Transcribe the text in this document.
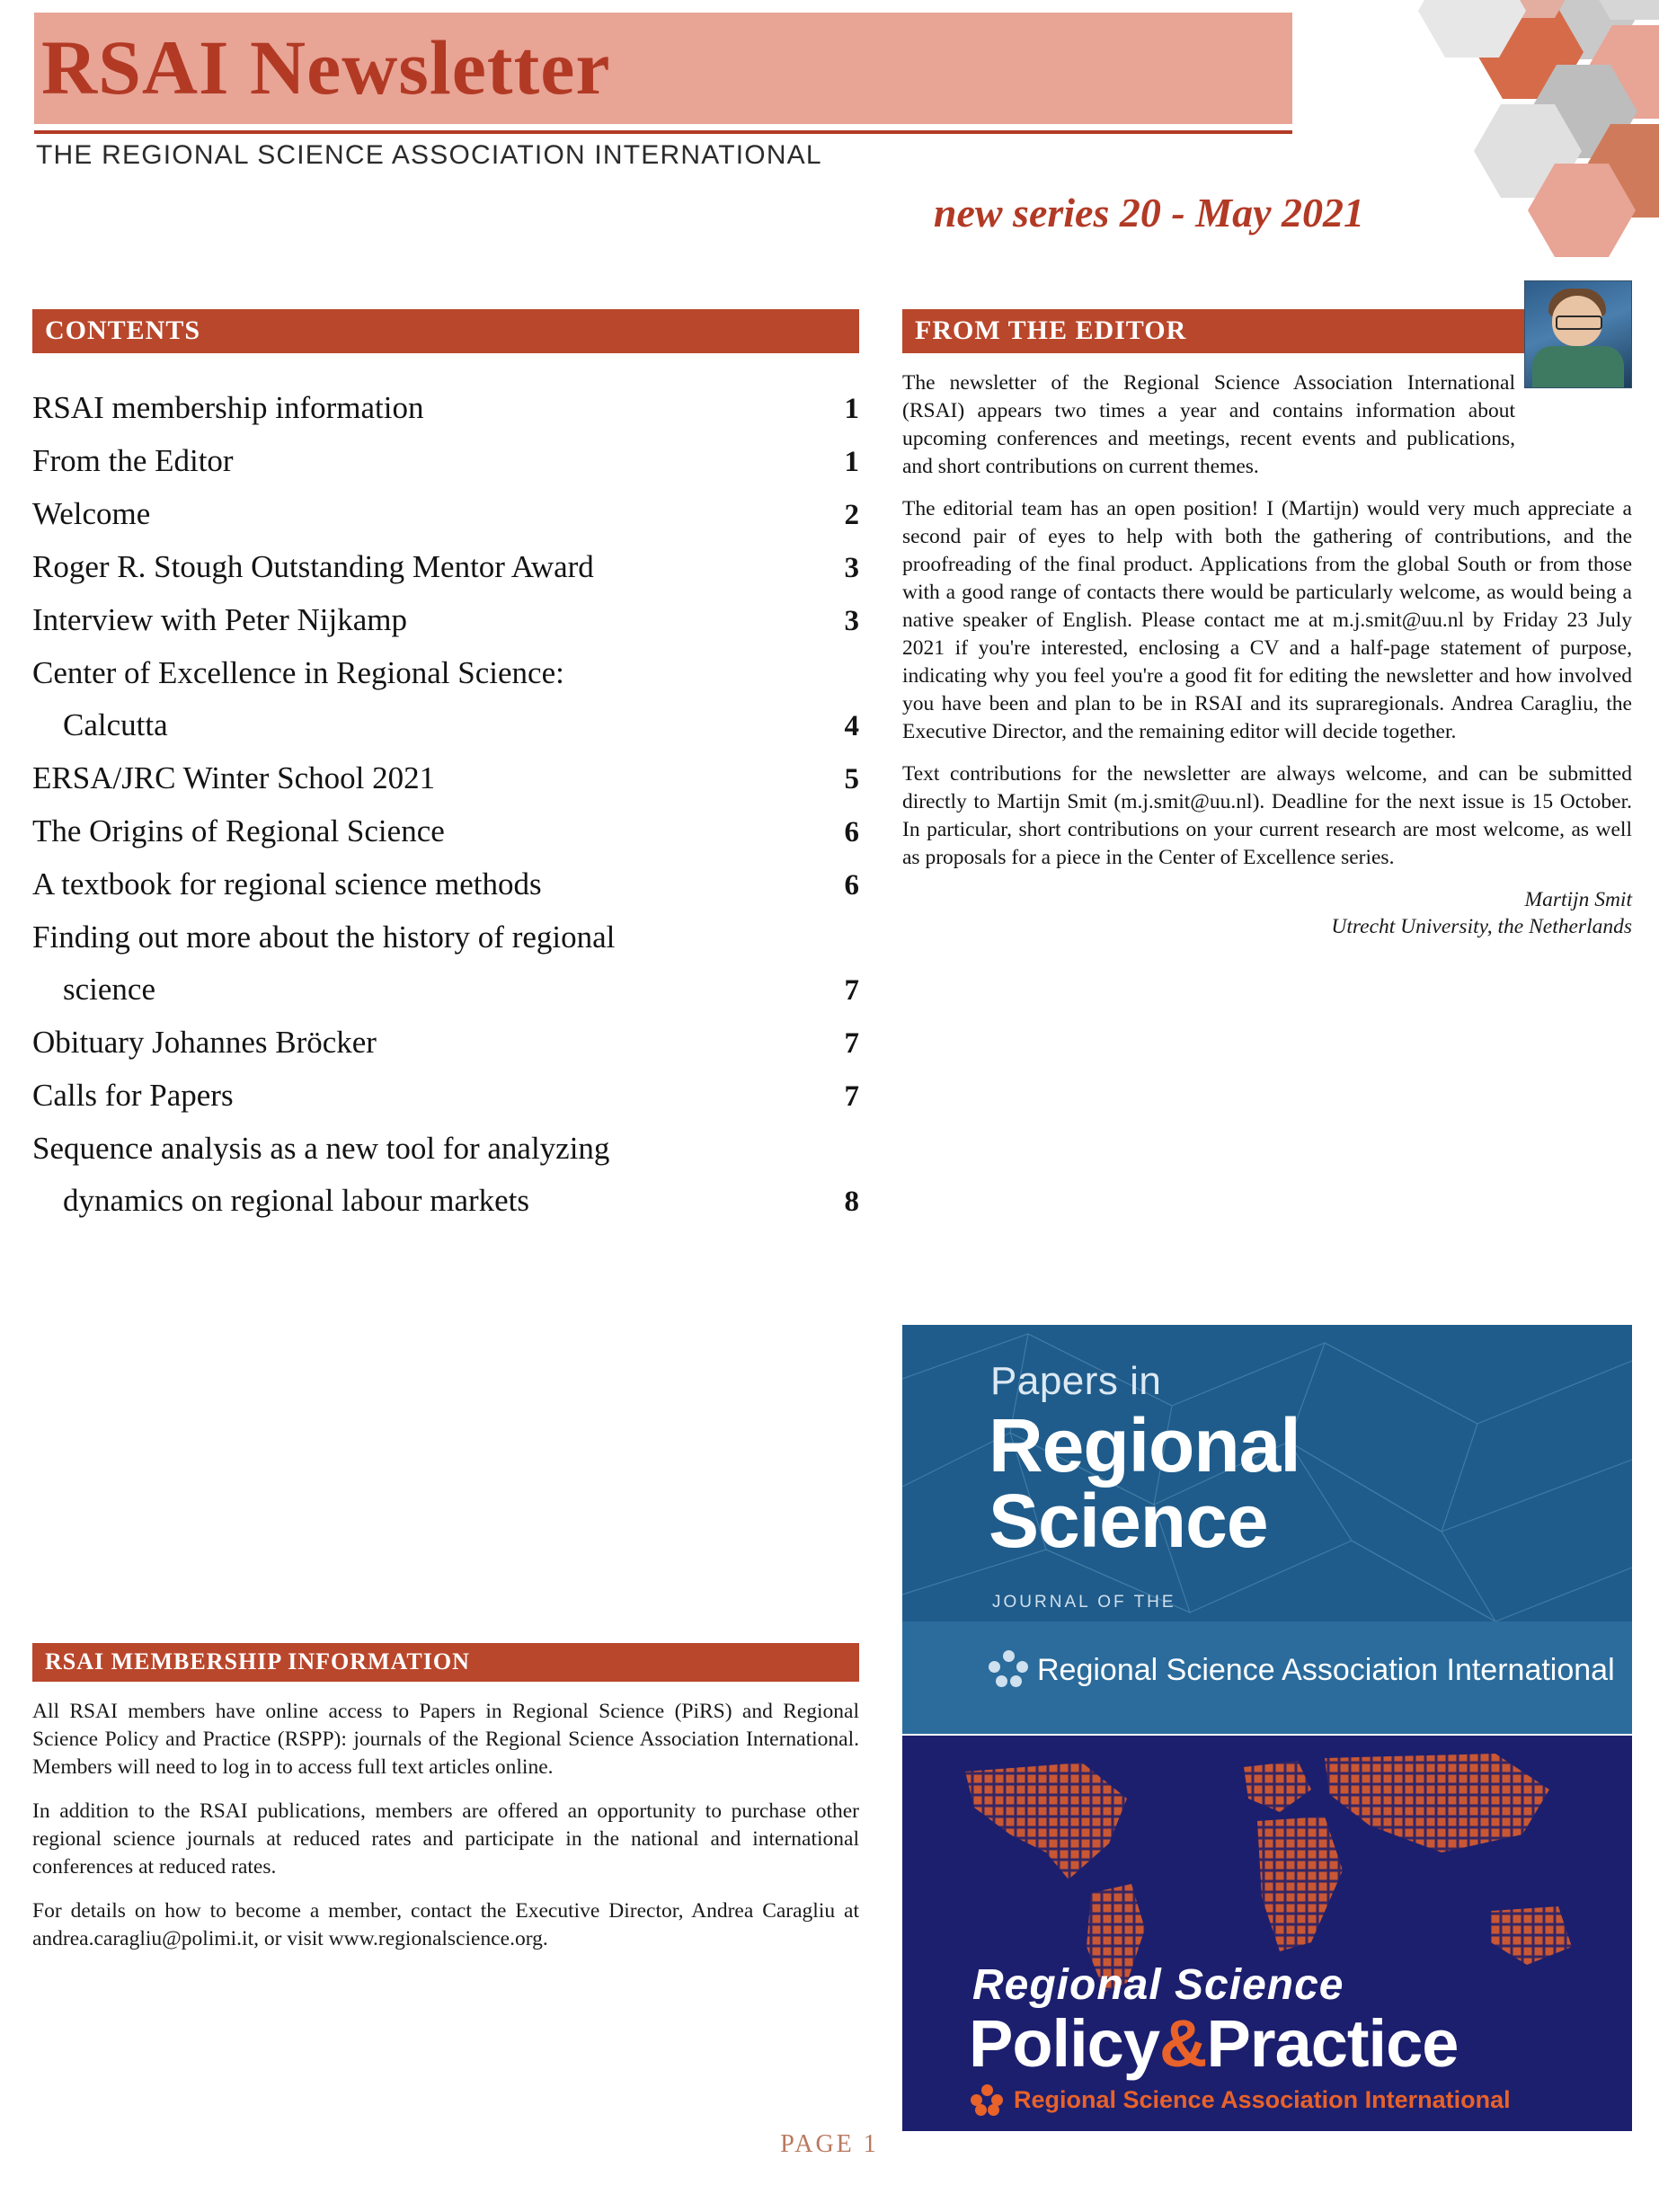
RSAI Newsletter
THE REGIONAL SCIENCE ASSOCIATION INTERNATIONAL
new series 20 - May 2021
CONTENTS
RSAI membership information	1
From the Editor	1
Welcome	2
Roger R. Stough Outstanding Mentor Award	3
Interview with Peter Nijkamp	3
Center of Excellence in Regional Science:
Calcutta	4
ERSA/JRC Winter School 2021	5
The Origins of Regional Science	6
A textbook for regional science methods	6
Finding out more about the history of regional
science	7
Obituary Johannes Bröcker	7
Calls for Papers	7
Sequence analysis as a new tool for analyzing
dynamics on regional labour markets	8
FROM THE EDITOR

The newsletter of the Regional Science Association International (RSAI) appears two times a year and contains information about upcoming conferences and meetings, recent events and publications, and short contributions on current themes.

The editorial team has an open position! I (Martijn) would very much appreciate a second pair of eyes to help with both the gathering of contributions, and the proofreading of the final product. Applications from the global South or from those with a good range of contacts there would be particularly welcome, as would being a native speaker of English. Please contact me at m.j.smit@uu.nl by Friday 23 July 2021 if you're interested, enclosing a CV and a half-page statement of purpose, indicating why you feel you're a good fit for editing the newsletter and how involved you have been and plan to be in RSAI and its supraregionals. Andrea Caragliu, the Executive Director, and the remaining editor will decide together.

Text contributions for the newsletter are always welcome, and can be submitted directly to Martijn Smit (m.j.smit@uu.nl). Deadline for the next issue is 15 October. In particular, short contributions on your current research are most welcome, as well as proposals for a piece in the Center of Excellence series.

Martijn Smit
Utrecht University, the Netherlands
RSAI MEMBERSHIP INFORMATION

All RSAI members have online access to Papers in Regional Science (PiRS) and Regional Science Policy and Practice (RSPP): journals of the Regional Science Association International. Members will need to log in to access full text articles online.

In addition to the RSAI publications, members are offered an opportunity to purchase other regional science journals at reduced rates and participate in the national and international conferences at reduced rates.

For details on how to become a member, contact the Executive Director, Andrea Caragliu at andrea.caragliu@polimi.it, or visit www.regionalscience.org.

Papers in
Regional
Science
JOURNAL OF THE
Regional Science Association International
Regional Science
Policy&Practice
Regional Science Association International
PAGE 1
